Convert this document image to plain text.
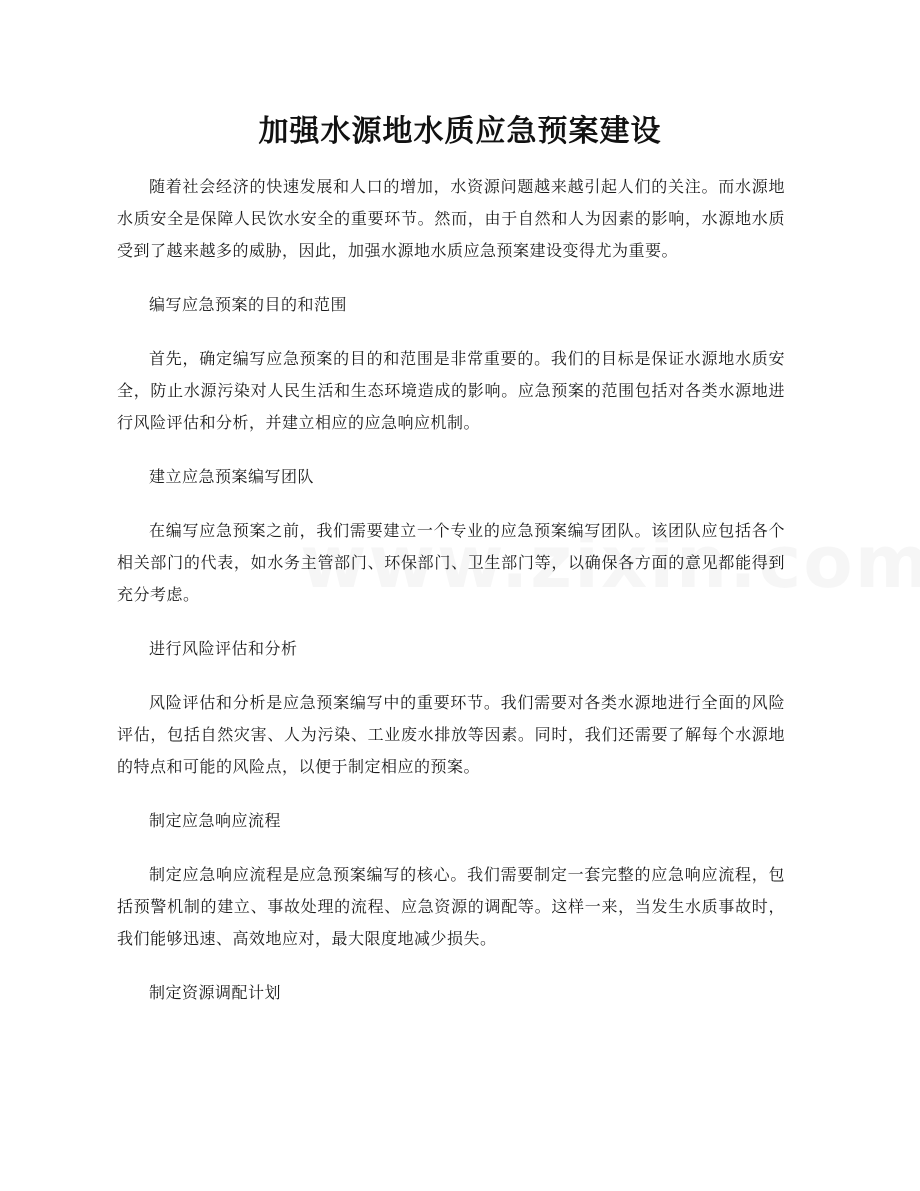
加强水源地水质应急预案建设

随着社会经济的快速发展和人口的增加，水资源问题越来越引起人们的关注。而水源地水质安全是保障人民饮水安全的重要环节。然而，由于自然和人为因素的影响，水源地水质受到了越来越多的威胁，因此，加强水源地水质应急预案建设变得尤为重要。

编写应急预案的目的和范围

首先，确定编写应急预案的目的和范围是非常重要的。我们的目标是保证水源地水质安全，防止水源污染对人民生活和生态环境造成的影响。应急预案的范围包括对各类水源地进行风险评估和分析，并建立相应的应急响应机制。

建立应急预案编写团队

在编写应急预案之前，我们需要建立一个专业的应急预案编写团队。该团队应包括各个相关部门的代表，如水务主管部门、环保部门、卫生部门等，以确保各方面的意见都能得到充分考虑。

进行风险评估和分析

风险评估和分析是应急预案编写中的重要环节。我们需要对各类水源地进行全面的风险评估，包括自然灾害、人为污染、工业废水排放等因素。同时，我们还需要了解每个水源地的特点和可能的风险点，以便于制定相应的预案。

制定应急响应流程

制定应急响应流程是应急预案编写的核心。我们需要制定一套完整的应急响应流程，包括预警机制的建立、事故处理的流程、应急资源的调配等。这样一来，当发生水质事故时，我们能够迅速、高效地应对，最大限度地减少损失。

制定资源调配计划
